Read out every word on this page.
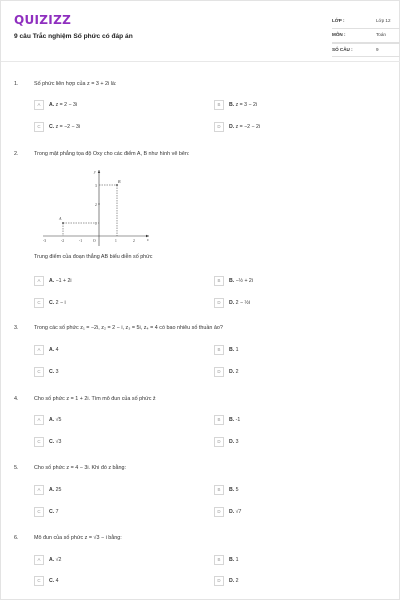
QUIZIZZ
9 câu Trắc nghiệm Số phức có đáp án
LỚP :	Lớp 12
MÔN :	Toán
SỐ CÂU :	9
1.	Số phức liên hợp của z = 3 + 2i là:
A	A. z = 2 − 3i	B	B. z = 3 − 2i
C	C. z = −2 − 3i	D	D. z = −2 − 2i
2.	Trong mặt phẳng tọa độ Oxy cho các điểm A, B như hình vẽ bên:
B
A
-3	-2	-1	O	1	2	x
y
3
2
1
Trung điểm của đoạn thẳng AB biểu diễn số phức
A	A. −1 + 2i	B	B. −½ + 2i
C	C. 2 − i	D	D. 2 − ½i
3.	Trong các số phức z₁ = −2i, z₂ = 2 − i, z₃ = 5i, z₄ = 4 có bao nhiêu số thuần ảo?
A	A. 4	B	B. 1
C	C. 3	D	D. 2
4.	Cho số phức z = 1 + 2i. Tìm mô đun của số phức z̄
A	A. √5	B	B. -1
C	C. √3	D	D. 3
5.	Cho số phức z = 4 − 3i. Khi đó z bằng:
A	A. 25	B	B. 5
C	C. 7	D	D. √7
6.	Mô đun của số phức z = √3 − i bằng:
A	A. √2	B	B. 1
C	C. 4	D	D. 2
